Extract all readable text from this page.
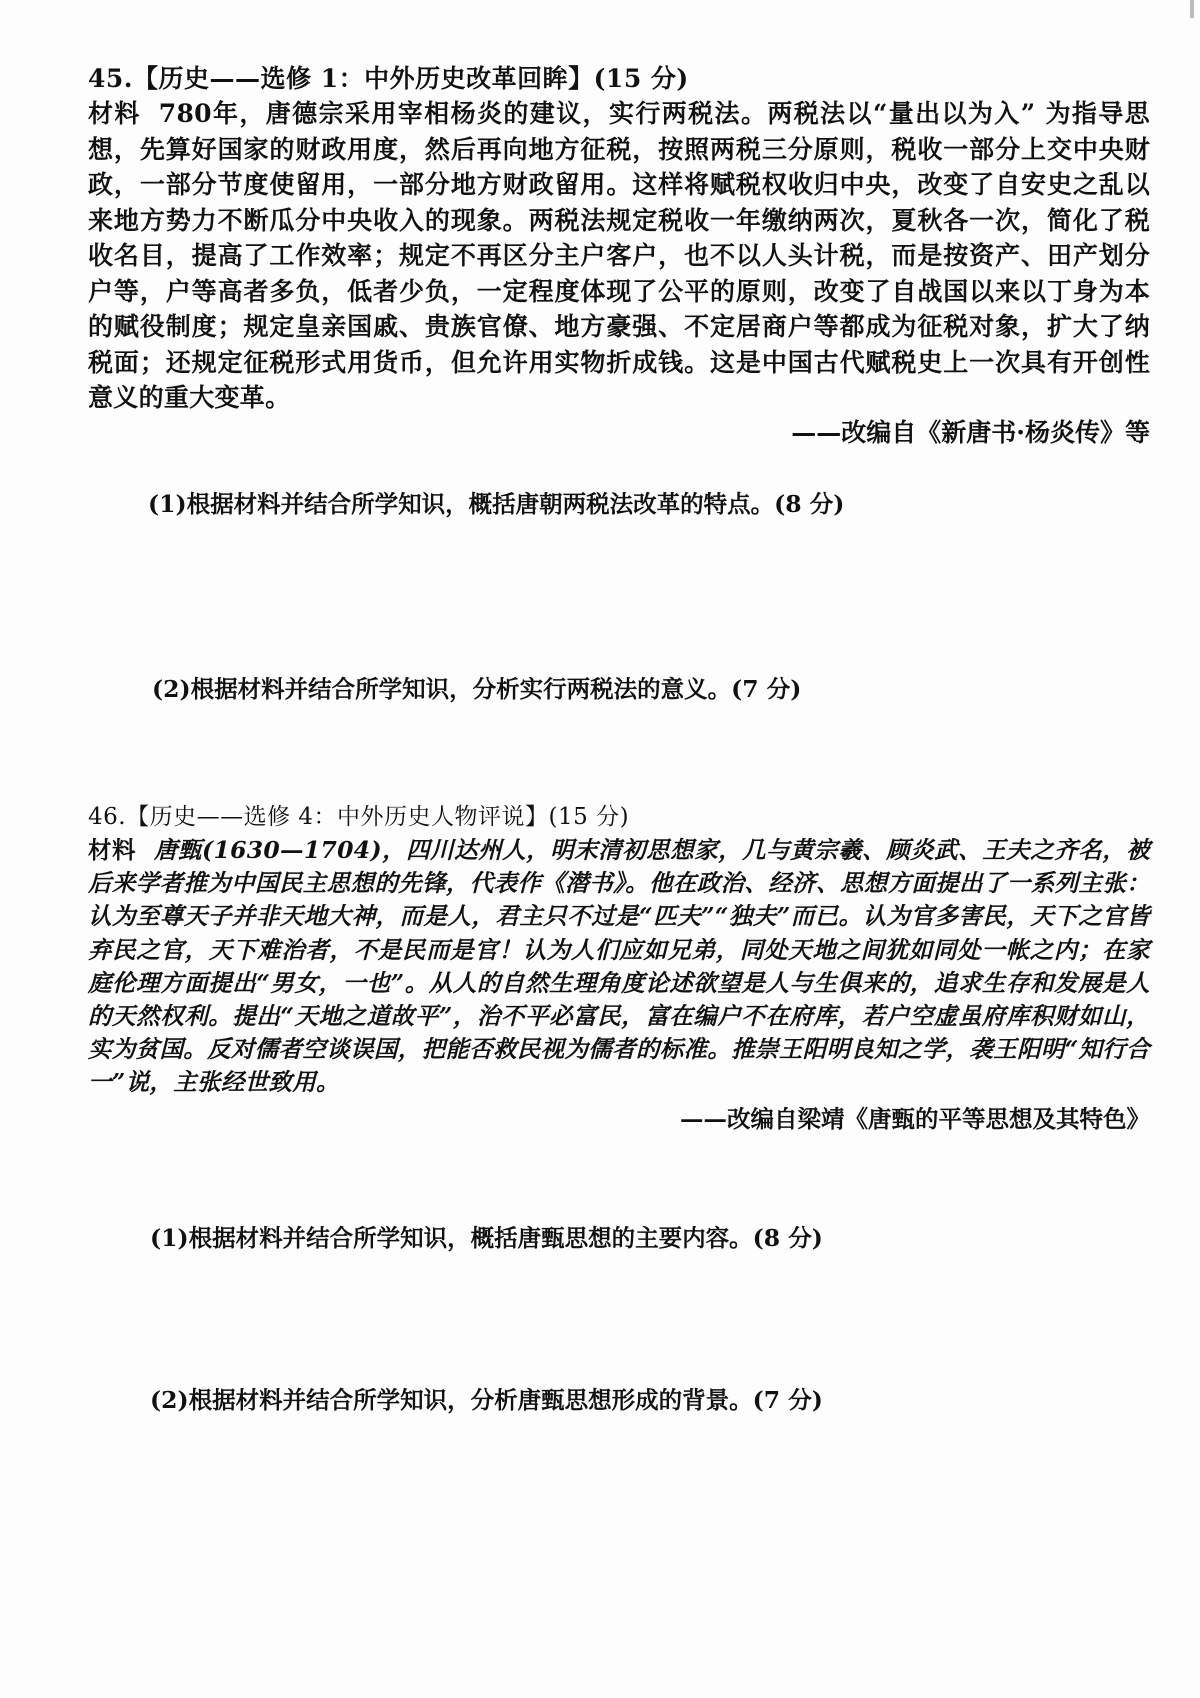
45.【历史——选修 1：中外历史改革回眸】(15 分)
材料 780年，唐德宗采用宰相杨炎的建议，实行两税法。两税法以“量出以为入” 为指导思想，先算好国家的财政用度，然后再向地方征税，按照两税三分原则，税收一部分上交中央财政，一部分节度使留用，一部分地方财政留用。这样将赋税权收归中央，改变了自安史之乱以来地方势力不断瓜分中央收入的现象。两税法规定税收一年缴纳两次，夏秋各一次，简化了税收名目，提高了工作效率；规定不再区分主户客户，也不以人头计税，而是按资产、田产划分户等，户等高者多负，低者少负，一定程度体现了公平的原则，改变了自战国以来以丁身为本的赋役制度；规定皇亲国戚、贵族官僚、地方豪强、不定居商户等都成为征税对象，扩大了纳税面；还规定征税形式用货币，但允许用实物折成钱。这是中国古代赋税史上一次具有开创性意义的重大变革。
——改编自《新唐书·杨炎传》等
(1)根据材料并结合所学知识，概括唐朝两税法改革的特点。(8 分)
(2)根据材料并结合所学知识，分析实行两税法的意义。(7 分)
46.【历史——选修 4：中外历史人物评说】(15 分)
材料 唐甄(1630—1704)，四川达州人，明末清初思想家，几与黄宗羲、顾炎武、王夫之齐名，被后来学者推为中国民主思想的先锋，代表作《潜书》。他在政治、经济、思想方面提出了一系列主张：认为至尊天子并非天地大神，而是人，君主只不过是“匹夫”“独夫”而已。认为官多害民，天下之官皆弃民之官，天下难治者，不是民而是官！认为人们应如兄弟，同处天地之间犹如同处一帐之内；在家庭伦理方面提出“男女，一也”。从人的自然生理角度论述欲望是人与生俱来的，追求生存和发展是人的天然权利。提出“天地之道故平”，治不平必富民，富在编户不在府库，若户空虚虽府库积财如山，实为贫国。反对儒者空谈误国，把能否救民视为儒者的标准。推崇王阳明良知之学，袭王阳明“知行合一”说，主张经世致用。
——改编自梁靖《唐甄的平等思想及其特色》
(1)根据材料并结合所学知识，概括唐甄思想的主要内容。(8 分)
(2)根据材料并结合所学知识，分析唐甄思想形成的背景。(7 分)
